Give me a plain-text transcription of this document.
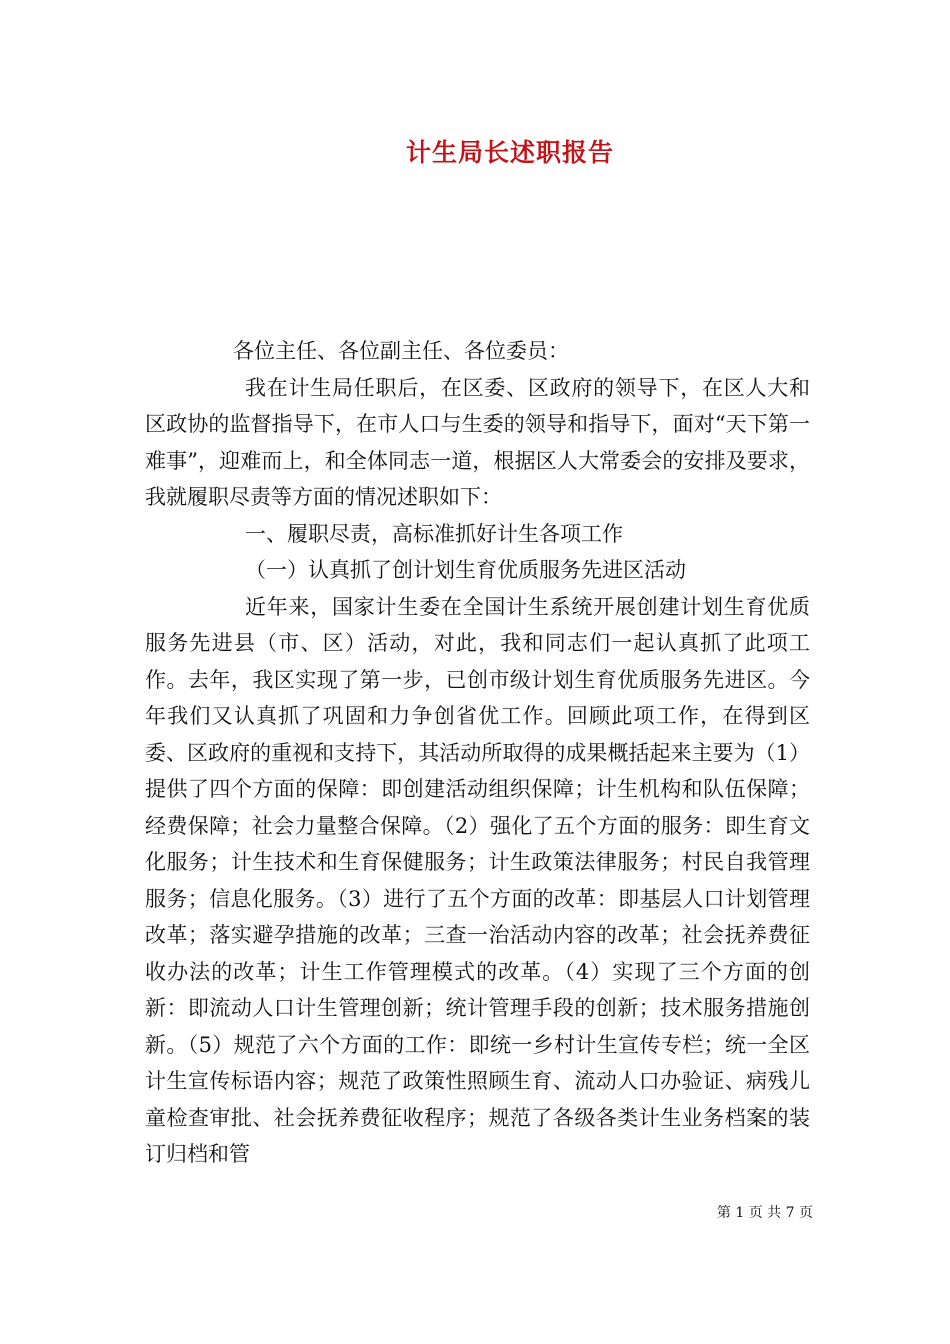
计生局长述职报告

各位主任、各位副主任、各位委员：

我在计生局任职后，在区委、区政府的领导下，在区人大和区政协的监督指导下，在市人口与生委的领导和指导下，面对“天下第一难事”，迎难而上，和全体同志一道，根据区人大常委会的安排及要求，我就履职尽责等方面的情况述职如下：

一、履职尽责，高标准抓好计生各项工作

（一）认真抓了创计划生育优质服务先进区活动

近年来，国家计生委在全国计生系统开展创建计划生育优质服务先进县（市、区）活动，对此，我和同志们一起认真抓了此项工作。去年，我区实现了第一步，已创市级计划生育优质服务先进区。今年我们又认真抓了巩固和力争创省优工作。回顾此项工作，在得到区委、区政府的重视和支持下，其活动所取得的成果概括起来主要为（1）提供了四个方面的保障：即创建活动组织保障；计生机构和队伍保障；经费保障；社会力量整合保障。（2）强化了五个方面的服务：即生育文化服务；计生技术和生育保健服务；计生政策法律服务；村民自我管理服务；信息化服务。（3）进行了五个方面的改革：即基层人口计划管理改革；落实避孕措施的改革；三查一治活动内容的改革；社会抚养费征收办法的改革；计生工作管理模式的改革。（4）实现了三个方面的创新：即流动人口计生管理创新；统计管理手段的创新；技术服务措施创新。（5）规范了六个方面的工作：即统一乡村计生宣传专栏；统一全区计生宣传标语内容；规范了政策性照顾生育、流动人口办验证、病残儿童检查审批、社会抚养费征收程序；规范了各级各类计生业务档案的装订归档和管

第 1 页 共 7 页
